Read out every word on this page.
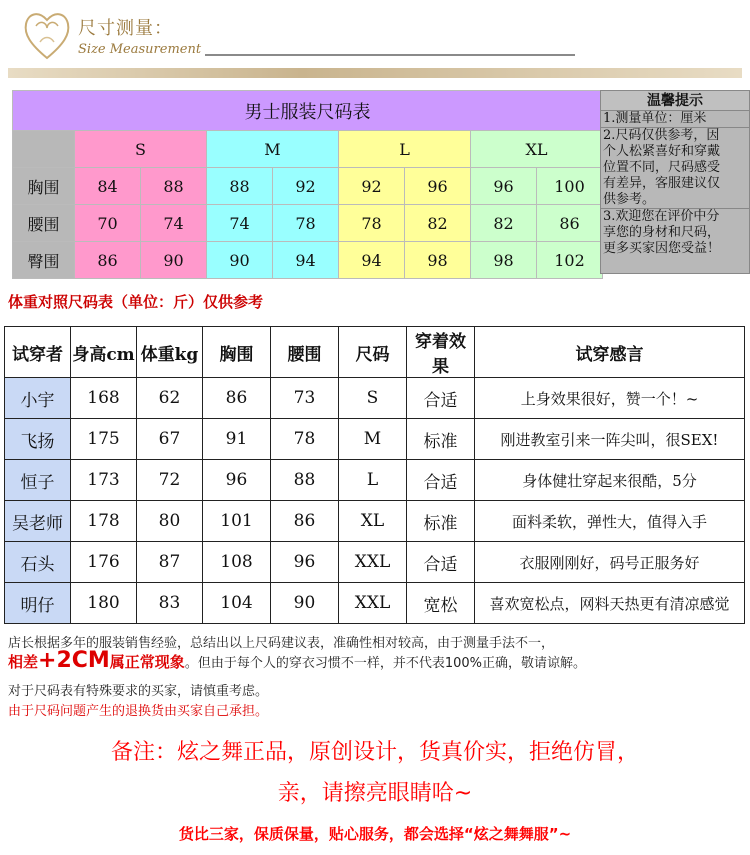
尺寸测量：
Size Measurement
男士服装尺码表								
	S		M		L		XL	
胸围	84	88	88	92	92	96	96	100
腰围	70	74	74	78	78	82	82	86
臀围	86	90	90	94	94	98	98	102
温馨提示
1.测量单位：厘米
2.尺码仅供参考，因
个人松紧喜好和穿戴
位置不同，尺码感受
有差异，客服建议仅
供参考。
3.欢迎您在评价中分
享您的身材和尺码，
更多买家因您受益！
体重对照尺码表（单位：斤）仅供参考
试穿者	身高cm	体重kg	胸围	腰围	尺码	穿着效果	试穿感言
小宇	168	62	86	73	S	合适	上身效果很好，赞一个！~
飞扬	175	67	91	78	M	标准	刚进教室引来一阵尖叫，很SEX!
恒子	173	72	96	88	L	合适	身体健壮穿起来很酷，5分
吴老师	178	80	101	86	XL	标准	面料柔软，弹性大，值得入手
石头	176	87	108	96	XXL	合适	衣服刚刚好，码号正服务好
明仔	180	83	104	90	XXL	宽松	喜欢宽松点，网料天热更有清凉感觉
店长根据多年的服装销售经验，总结出以上尺码建议表，准确性相对较高，由于测量手法不一，
相差+2CM属正常现象。但由于每个人的穿衣习惯不一样，并不代表100%正确，敬请谅解。
对于尺码表有特殊要求的买家，请慎重考虑。
由于尺码问题产生的退换货由买家自己承担。
备注：炫之舞正品，原创设计，货真价实，拒绝仿冒，
亲，请擦亮眼睛哈~
货比三家，保质保量，贴心服务，都会选择“炫之舞舞服”~
